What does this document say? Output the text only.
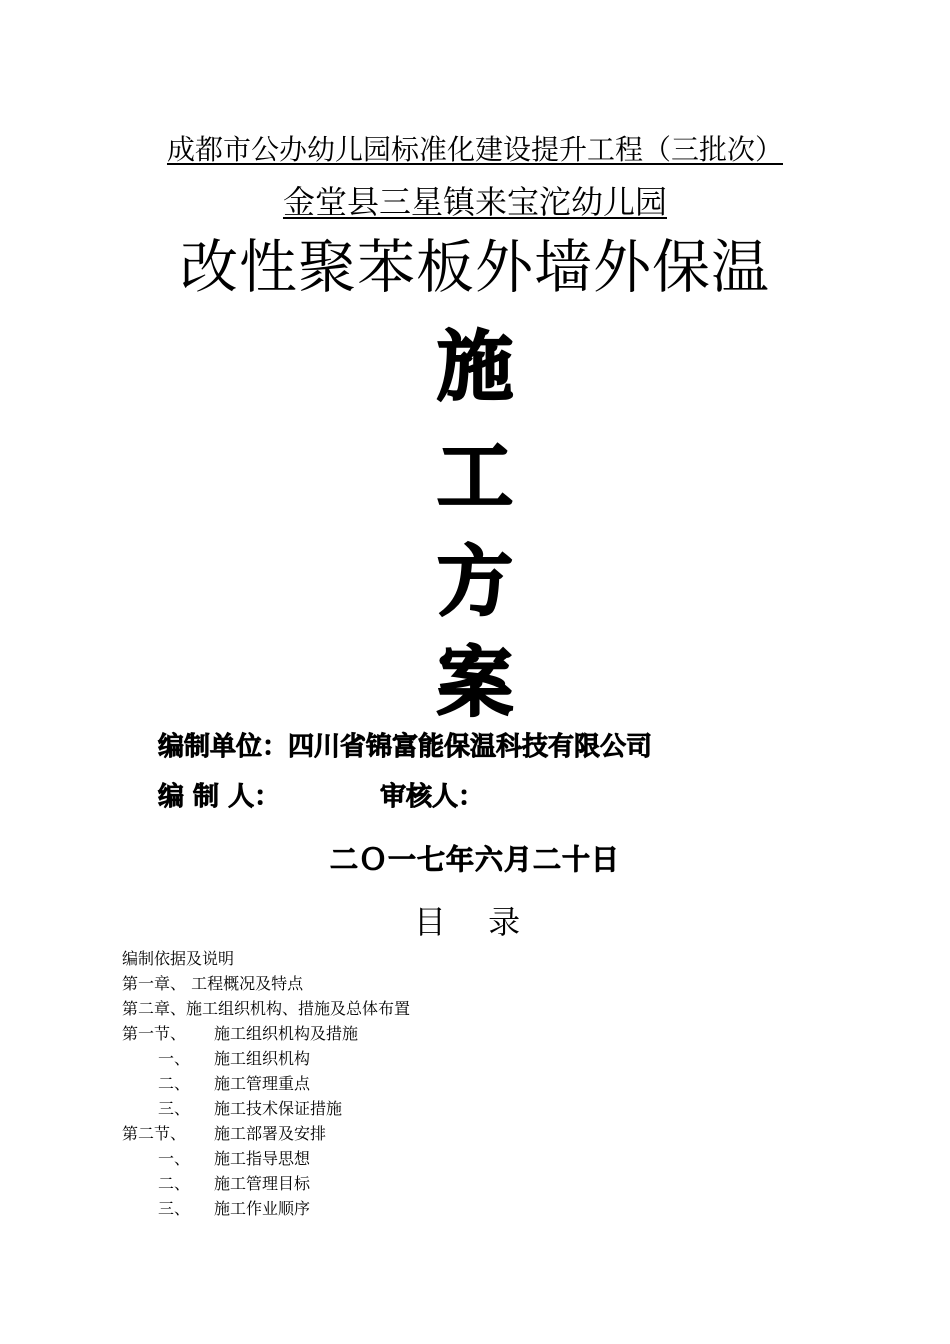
成都市公办幼儿园标准化建设提升工程（三批次）
金堂县三星镇来宝沱幼儿园
改性聚苯板外墙外保温
施
工
方
案
编制单位：四川省锦富能保温科技有限公司
编 制 人：	审核人：
二Ｏ一七年六月二十日
目 录
编制依据及说明
第一章、 工程概况及特点
第二章、施工组织机构、措施及总体布置
第一节、 施工组织机构及措施
一、 施工组织机构
二、 施工管理重点
三、 施工技术保证措施
第二节、 施工部署及安排
一、 施工指导思想
二、 施工管理目标
三、 施工作业顺序
